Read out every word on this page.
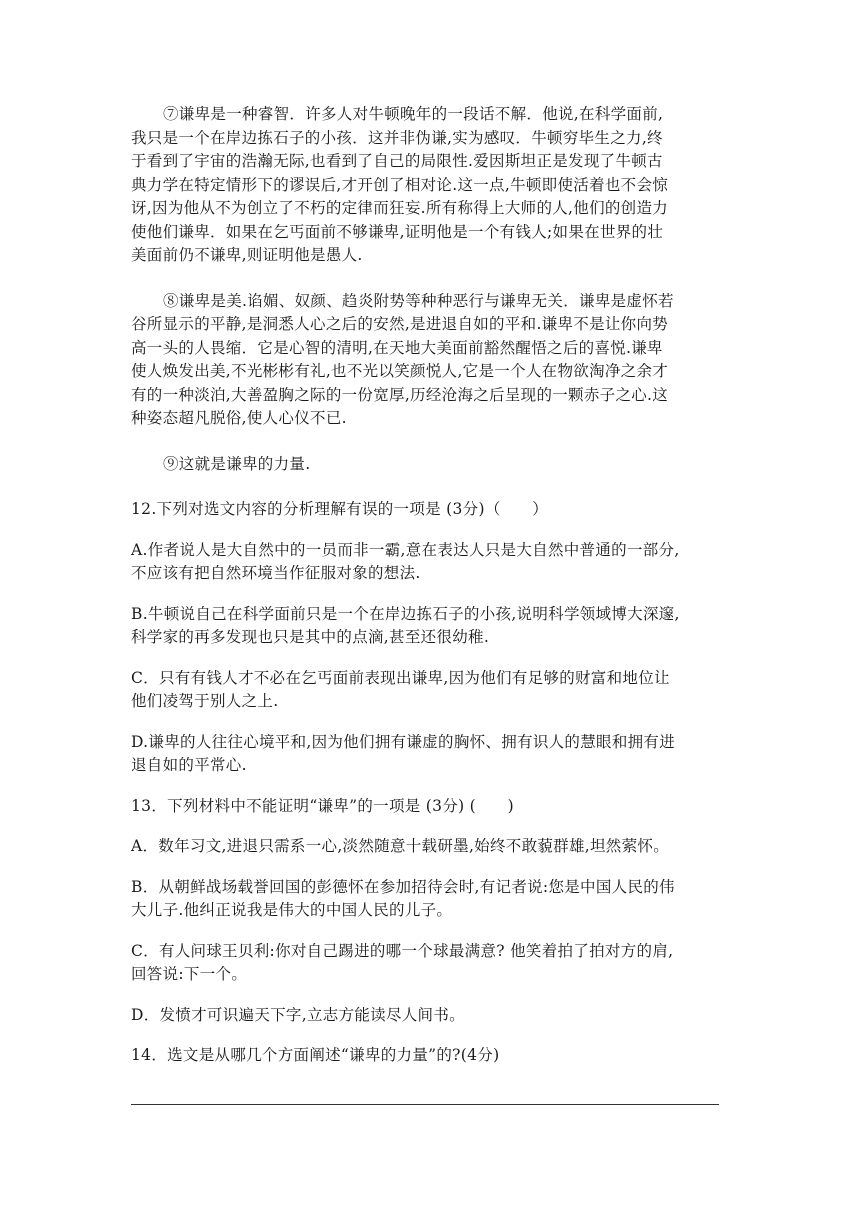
⑦谦卑是一种睿智．许多人对牛顿晚年的一段话不解．他说,在科学面前,
我只是一个在岸边拣石子的小孩．这并非伪谦,实为感叹．牛顿穷毕生之力,终
于看到了宇宙的浩瀚无际,也看到了自己的局限性.爱因斯坦正是发现了牛顿古
典力学在特定情形下的谬误后,才开创了相对论.这一点,牛顿即使活着也不会惊
讶,因为他从不为创立了不朽的定律而狂妄.所有称得上大师的人,他们的创造力
使他们谦卑．如果在乞丐面前不够谦卑,证明他是一个有钱人;如果在世界的壮
美面前仍不谦卑,则证明他是愚人.

⑧谦卑是美.谄媚、奴颜、趋炎附势等种种恶行与谦卑无关．谦卑是虚怀若
谷所显示的平静,是洞悉人心之后的安然,是进退自如的平和.谦卑不是让你向势
高一头的人畏缩．它是心智的清明,在天地大美面前豁然醒悟之后的喜悦.谦卑
使人焕发出美,不光彬彬有礼,也不光以笑颜悦人,它是一个人在物欲淘净之余才
有的一种淡泊,大善盈胸之际的一份宽厚,历经沧海之后呈现的一颗赤子之心.这
种姿态超凡脱俗,使人心仪不已.

⑨这就是谦卑的力量.

12.下列对选文内容的分析理解有误的一项是 (3分)（　　）

A.作者说人是大自然中的一员而非一霸,意在表达人只是大自然中普通的一部分,
不应该有把自然环境当作征服对象的想法.

B.牛顿说自己在科学面前只是一个在岸边拣石子的小孩,说明科学领域博大深邃,
科学家的再多发现也只是其中的点滴,甚至还很幼稚.

C．只有有钱人才不必在乞丐面前表现出谦卑,因为他们有足够的财富和地位让
他们凌驾于别人之上.

D.谦卑的人往往心境平和,因为他们拥有谦虚的胸怀、拥有识人的慧眼和拥有进
退自如的平常心.

13．下列材料中不能证明“谦卑”的一项是 (3分) (　　)

A．数年习文,进退只需系一心,淡然随意十载研墨,始终不敢藐群雄,坦然萦怀。

B．从朝鲜战场载誉回国的彭德怀在参加招待会时,有记者说:您是中国人民的伟
大儿子.他纠正说我是伟大的中国人民的儿子。

C．有人问球王贝利:你对自己踢进的哪一个球最满意? 他笑着拍了拍对方的肩,
回答说:下一个。

D．发愤才可识遍天下字,立志方能读尽人间书。

14．选文是从哪几个方面阐述“谦卑的力量”的?(4分)
